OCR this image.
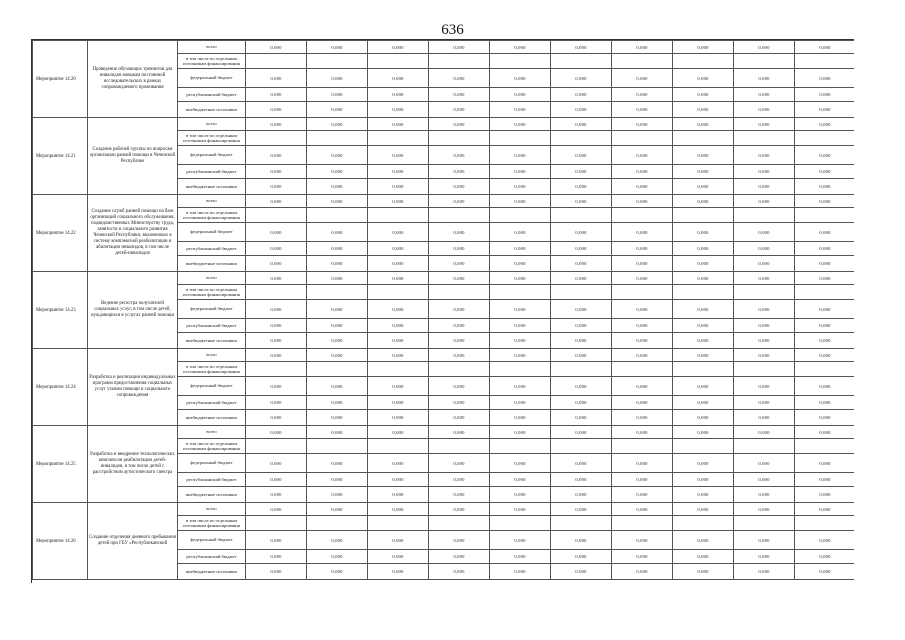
636
Мероприятие 14.20	Проведение обучающих тренингов для инвалидов навыкам постоянной исследовательских в рамках сопровождаемого проживания	всего	0,000	0,000	0,000	0,000	0,000	0,000	0,000	0,000	0,000	0,000
		в том числе по отдельным источникам финансирования										
		федеральный бюджет	0,000	0,000	0,000	0,000	0,000	0,000	0,000	0,000	0,000	0,000
		республиканский бюджет	0,000	0,000	0,000	0,000	0,000	0,000	0,000	0,000	0,000	0,000
		внебюджетные источники	0,000	0,000	0,000	0,000	0,000	0,000	0,000	0,000	0,000	0,000
Мероприятие 14.21	Создание рабочей группы по вопросам организации ранней помощи в Чеченской Республике	всего	0,000	0,000	0,000	0,000	0,000	0,000	0,000	0,000	0,000	0,000
		в том числе по отдельным источникам финансирования										
		федеральный бюджет	0,000	0,000	0,000	0,000	0,000	0,000	0,000	0,000	0,000	0,000
		республиканский бюджет	0,000	0,000	0,000	0,000	0,000	0,000	0,000	0,000	0,000	0,000
		внебюджетные источники	0,000	0,000	0,000	0,000	0,000	0,000	0,000	0,000	0,000	0,000
Мероприятие 14.22	Создание служб ранней помощи на базе организаций социального обслуживания, подведомственных Министерству труда, занятости и социального развития Чеченской Республики, включенных в систему комплексной реабилитации и абилитации инвалидов, в том числе детей-инвалидов	всего	0,000	0,000	0,000	0,000	0,000	0,000	0,000	0,000	0,000	0,000
		в том числе по отдельным источникам финансирования										
		федеральный бюджет	0,000	0,000	0,000	0,000	0,000	0,000	0,000	0,000	0,000	0,000
		республиканский бюджет	0,000	0,000	0,000	0,000	0,000	0,000	0,000	0,000	0,000	0,000
		внебюджетные источники	0,000	0,000	0,000	0,000	0,000	0,000	0,000	0,000	0,000	0,000
Мероприятие 14.23	Ведение регистра получателей социальных услуг, в том числе детей, нуждающихся в услугах ранней помощи	всего	0,000	0,000	0,000	0,000	0,000	0,000	0,000	0,000	0,000	0,000
		в том числе по отдельным источникам финансирования										
		федеральный бюджет	0,000	0,000	0,000	0,000	0,000	0,000	0,000	0,000	0,000	0,000
		республиканский бюджет	0,000	0,000	0,000	0,000	0,000	0,000	0,000	0,000	0,000	0,000
		внебюджетные источники	0,000	0,000	0,000	0,000	0,000	0,000	0,000	0,000	0,000	0,000
Мероприятие 14.24	Разработка и реализация индивидуальных программ предоставления социальных услуг узкими помощи и социального сопровождения	всего	0,000	0,000	0,000	0,000	0,000	0,000	0,000	0,000	0,000	0,000
		в том числе по отдельным источникам финансирования										
		федеральный бюджет	0,000	0,000	0,000	0,000	0,000	0,000	0,000	0,000	0,000	0,000
		республиканский бюджет	0,000	0,000	0,000	0,000	0,000	0,000	0,000	0,000	0,000	0,000
		внебюджетные источники	0,000	0,000	0,000	0,000	0,000	0,000	0,000	0,000	0,000	0,000
Мероприятие 14.25	Разработка и внедрение технологических комплексов реабилитации детей-инвалидов, в том числе детей с расстройством аутистического спектра	всего	0,000	0,000	0,000	0,000	0,000	0,000	0,000	0,000	0,000	0,000
		в том числе по отдельным источникам финансирования										
		федеральный бюджет	0,000	0,000	0,000	0,000	0,000	0,000	0,000	0,000	0,000	0,000
		республиканский бюджет	0,000	0,000	0,000	0,000	0,000	0,000	0,000	0,000	0,000	0,000
		внебюджетные источники	0,000	0,000	0,000	0,000	0,000	0,000	0,000	0,000	0,000	0,000
Мероприятие 14.26	Создание отделения дневного пребывания детей при ГБУ «Республиканский	всего	0,000	0,000	0,000	0,000	0,000	0,000	0,000	0,000	0,000	0,000
		в том числе по отдельным источникам финансирования										
		федеральный бюджет	0,000	0,000	0,000	0,000	0,000	0,000	0,000	0,000	0,000	0,000
		республиканский бюджет	0,000	0,000	0,000	0,000	0,000	0,000	0,000	0,000	0,000	0,000
		внебюджетные источники	0,000	0,000	0,000	0,000	0,000	0,000	0,000	0,000	0,000	0,000
